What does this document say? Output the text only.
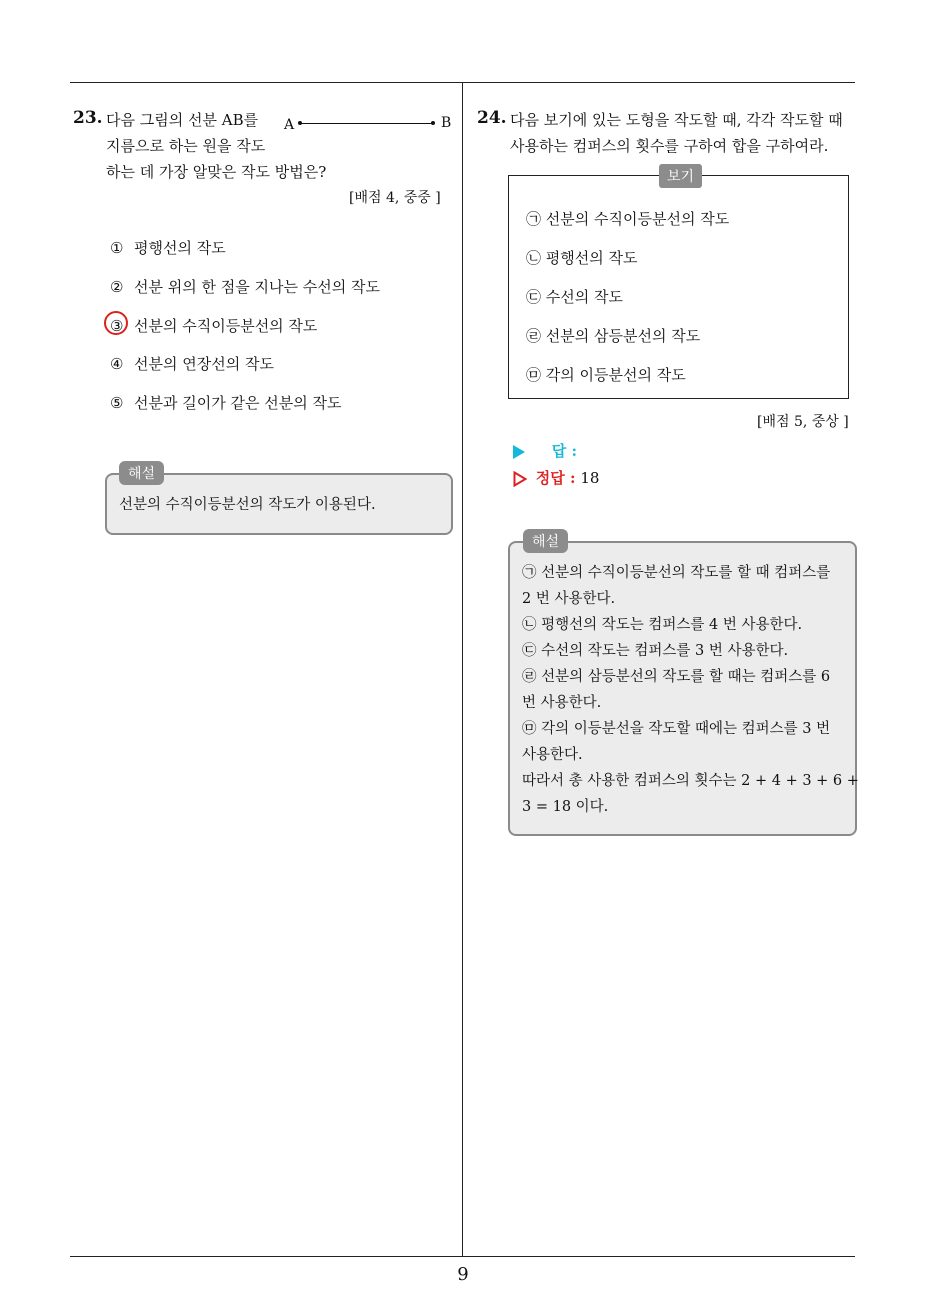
23. 다음 그림의 선분 AB를
지름으로 하는 원을 작도
하는 데 가장 알맞은 작도 방법은?
A	B
[배점 4, 중중 ]
① 평행선의 작도
② 선분 위의 한 점을 지나는 수선의 작도
③ 선분의 수직이등분선의 작도
④ 선분의 연장선의 작도
⑤ 선분과 길이가 같은 선분의 작도
해설
선분의 수직이등분선의 작도가 이용된다.
24. 다음 보기에 있는 도형을 작도할 때, 각각 작도할 때
사용하는 컴퍼스의 횟수를 구하여 합을 구하여라.
보기
㉠ 선분의 수직이등분선의 작도
㉡ 평행선의 작도
㉢ 수선의 작도
㉣ 선분의 삼등분선의 작도
㉤ 각의 이등분선의 작도
[배점 5, 중상 ]
답 :
정답 : 18
해설
㉠ 선분의 수직이등분선의 작도를 할 때 컴퍼스를
2 번 사용한다.
㉡ 평행선의 작도는 컴퍼스를 4 번 사용한다.
㉢ 수선의 작도는 컴퍼스를 3 번 사용한다.
㉣ 선분의 삼등분선의 작도를 할 때는 컴퍼스를 6
번 사용한다.
㉤ 각의 이등분선을 작도할 때에는 컴퍼스를 3 번
사용한다.
따라서 총 사용한 컴퍼스의 횟수는 2 + 4 + 3 + 6 +
3 = 18 이다.
9
